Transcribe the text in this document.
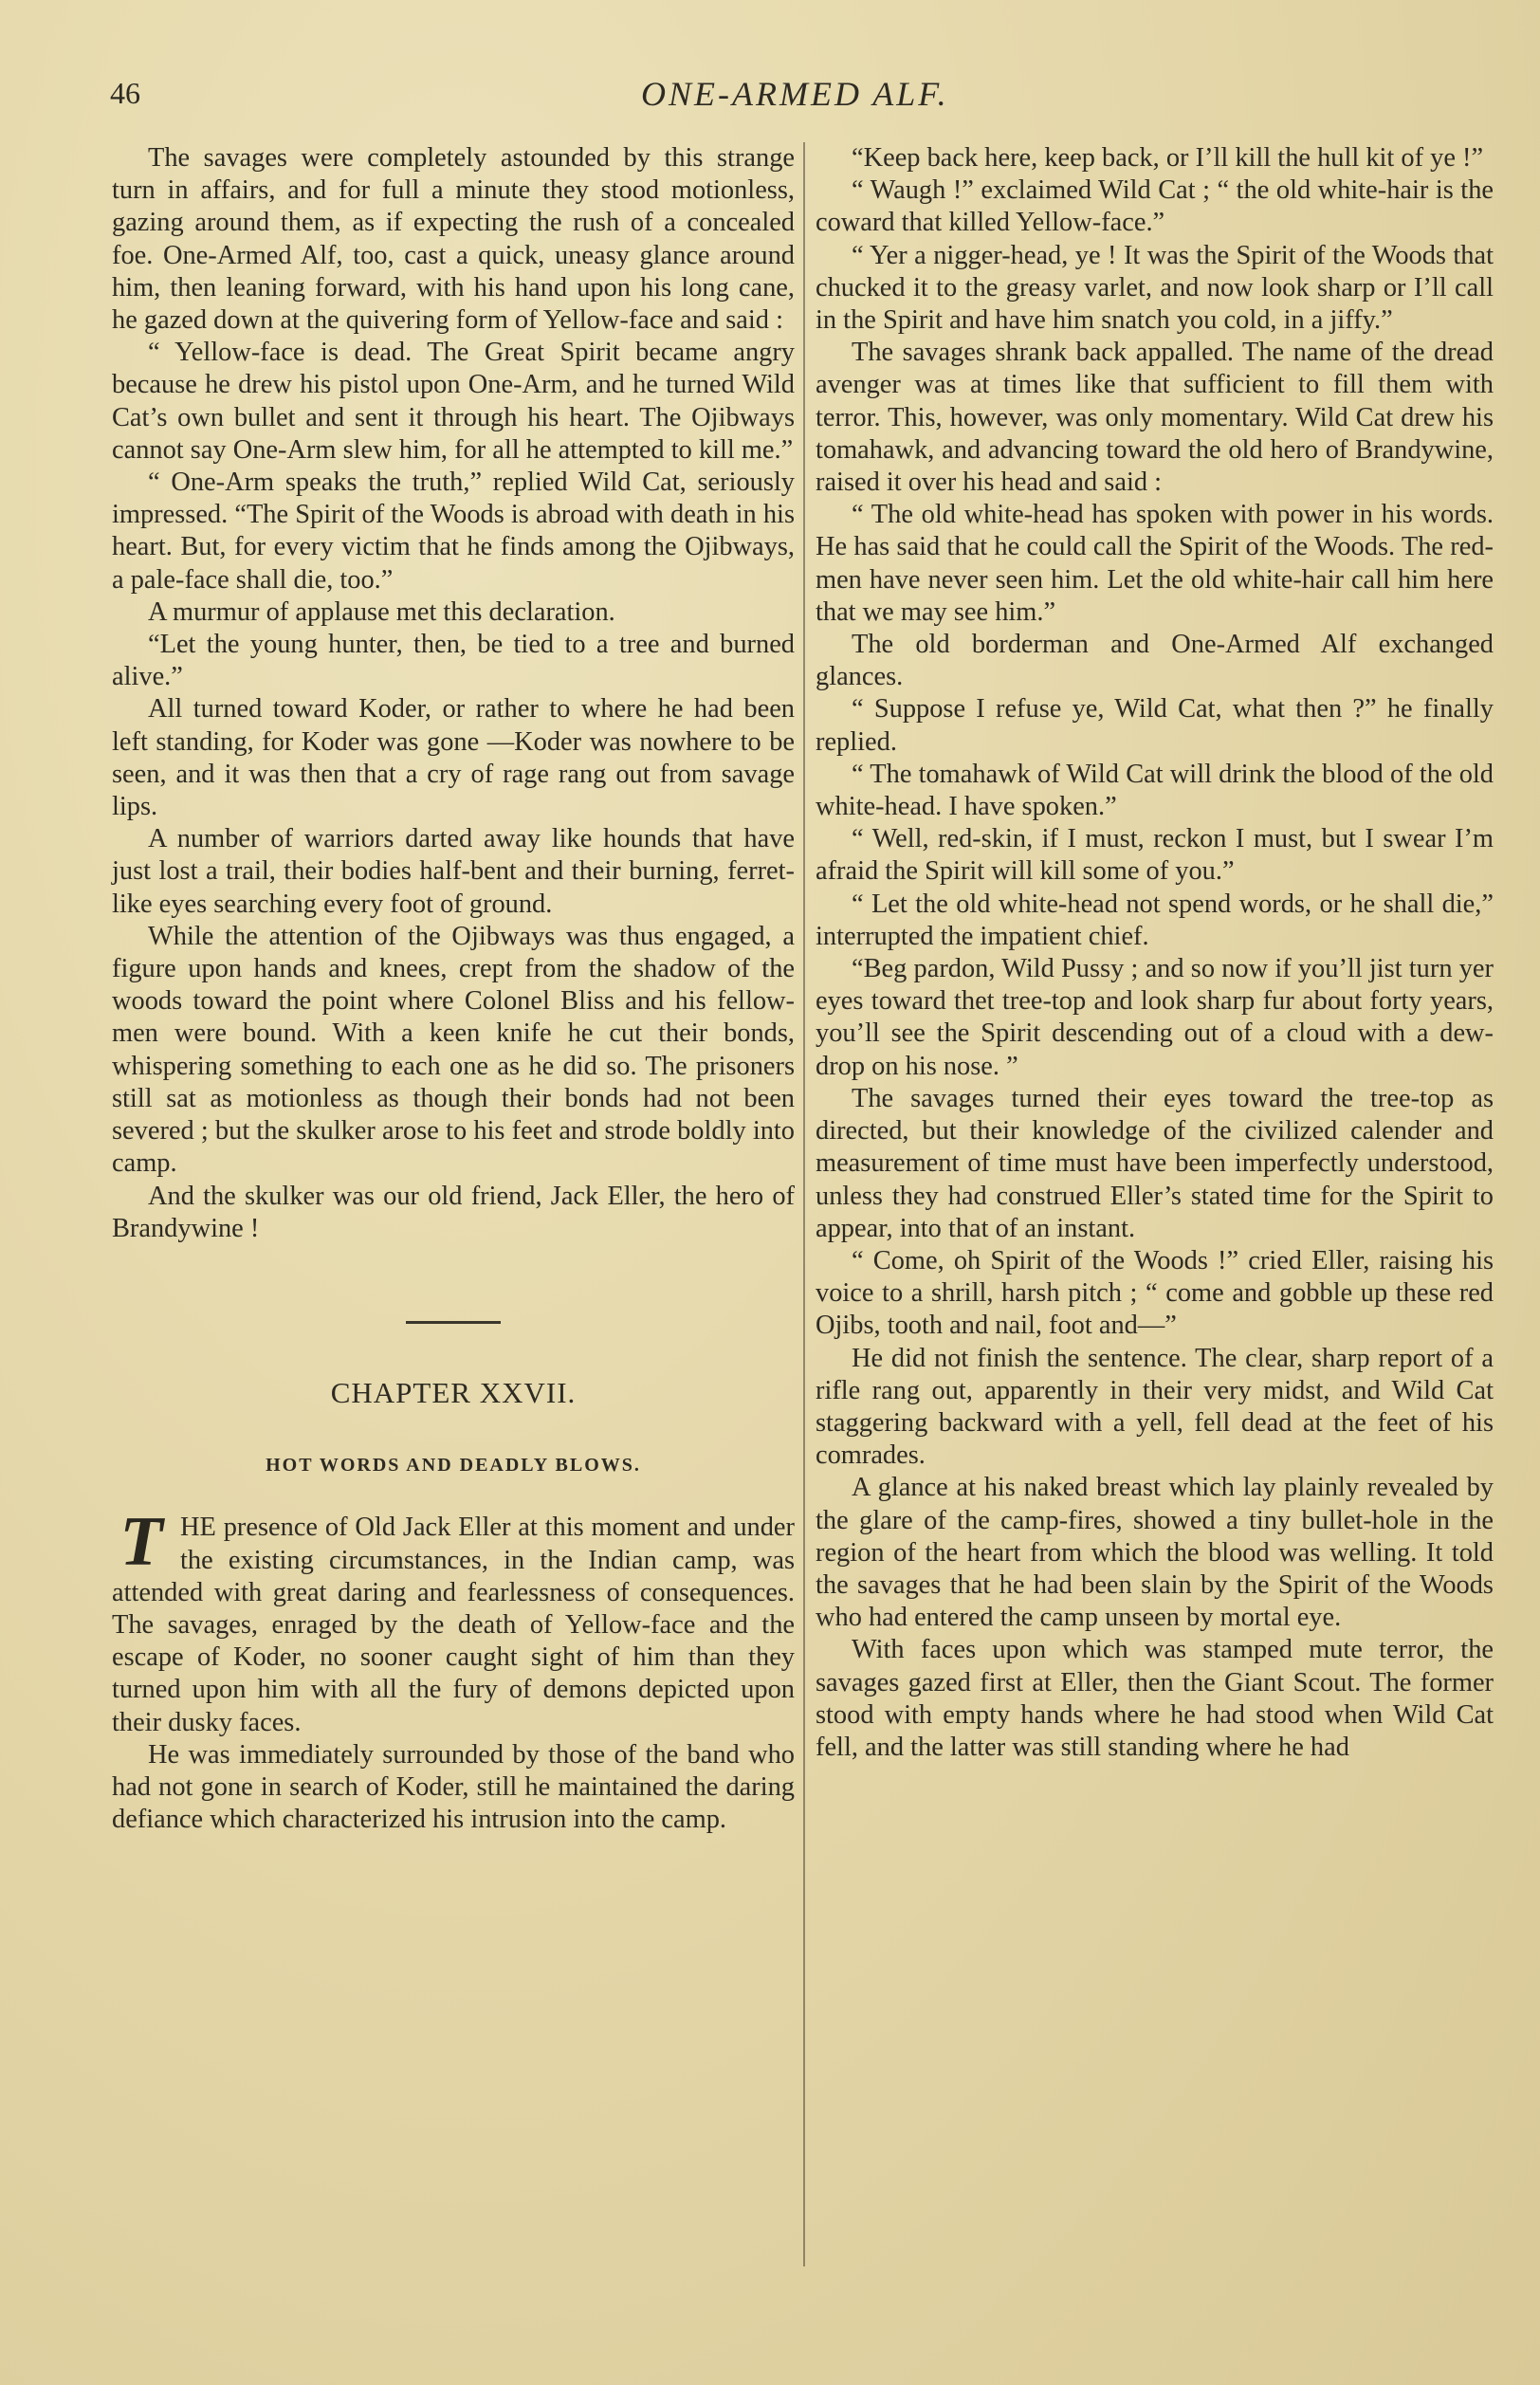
46	ONE-ARMED ALF.

The savages were completely astounded by this strange turn in affairs, and for full a minute they stood motionless, gazing around them, as if expecting the rush of a concealed foe. One-Armed Alf, too, cast a quick, uneasy glance around him, then leaning forward, with his hand upon his long cane, he gazed down at the quivering form of Yellow-face and said :

“ Yellow-face is dead. The Great Spirit became angry because he drew his pistol upon One-Arm, and he turned Wild Cat’s own bullet and sent it through his heart. The Ojibways cannot say One-Arm slew him, for all he attempted to kill me.”

“ One-Arm speaks the truth,” replied Wild Cat, seriously impressed. “The Spirit of the Woods is abroad with death in his heart. But, for every victim that he finds among the Ojibways, a pale-face shall die, too.”

A murmur of applause met this declaration.

“Let the young hunter, then, be tied to a tree and burned alive.”

All turned toward Koder, or rather to where he had been left standing, for Koder was gone —Koder was nowhere to be seen, and it was then that a cry of rage rang out from savage lips.

A number of warriors darted away like hounds that have just lost a trail, their bodies half-bent and their burning, ferret-like eyes searching every foot of ground.

While the attention of the Ojibways was thus engaged, a figure upon hands and knees, crept from the shadow of the woods toward the point where Colonel Bliss and his fellow-men were bound. With a keen knife he cut their bonds, whispering something to each one as he did so. The prisoners still sat as motionless as though their bonds had not been severed ; but the skulker arose to his feet and strode boldly into camp.

And the skulker was our old friend, Jack Eller, the hero of Brandywine !

CHAPTER XXVII.

HOT WORDS AND DEADLY BLOWS.

THE presence of Old Jack Eller at this moment and under the existing circumstances, in the Indian camp, was attended with great daring and fearlessness of consequences. The savages, enraged by the death of Yellow-face and the escape of Koder, no sooner caught sight of him than they turned upon him with all the fury of demons depicted upon their dusky faces.

He was immediately surrounded by those of the band who had not gone in search of Koder, still he maintained the daring defiance which characterized his intrusion into the camp.

“Keep back here, keep back, or I’ll kill the hull kit of ye !”

“ Waugh !” exclaimed Wild Cat ; “ the old white-hair is the coward that killed Yellow-face.”

“ Yer a nigger-head, ye ! It was the Spirit of the Woods that chucked it to the greasy varlet, and now look sharp or I’ll call in the Spirit and have him snatch you cold, in a jiffy.”

The savages shrank back appalled. The name of the dread avenger was at times like that sufficient to fill them with terror. This, however, was only momentary. Wild Cat drew his tomahawk, and advancing toward the old hero of Brandywine, raised it over his head and said :

“ The old white-head has spoken with power in his words. He has said that he could call the Spirit of the Woods. The red-men have never seen him. Let the old white-hair call him here that we may see him.”

The old borderman and One-Armed Alf exchanged glances.

“ Suppose I refuse ye, Wild Cat, what then ?” he finally replied.

“ The tomahawk of Wild Cat will drink the blood of the old white-head. I have spoken.”

“ Well, red-skin, if I must, reckon I must, but I swear I’m afraid the Spirit will kill some of you.”

“ Let the old white-head not spend words, or he shall die,” interrupted the impatient chief.

“Beg pardon, Wild Pussy ; and so now if you’ll jist turn yer eyes toward thet tree-top and look sharp fur about forty years, you’ll see the Spirit descending out of a cloud with a dew-drop on his nose. ”

The savages turned their eyes toward the tree-top as directed, but their knowledge of the civilized calender and measurement of time must have been imperfectly understood, unless they had construed Eller’s stated time for the Spirit to appear, into that of an instant.

“ Come, oh Spirit of the Woods !” cried Eller, raising his voice to a shrill, harsh pitch ; “ come and gobble up these red Ojibs, tooth and nail, foot and—”

He did not finish the sentence. The clear, sharp report of a rifle rang out, apparently in their very midst, and Wild Cat staggering backward with a yell, fell dead at the feet of his comrades.

A glance at his naked breast which lay plainly revealed by the glare of the camp-fires, showed a tiny bullet-hole in the region of the heart from which the blood was welling. It told the savages that he had been slain by the Spirit of the Woods who had entered the camp unseen by mortal eye.

With faces upon which was stamped mute terror, the savages gazed first at Eller, then the Giant Scout. The former stood with empty hands where he had stood when Wild Cat fell, and the latter was still standing where he had
